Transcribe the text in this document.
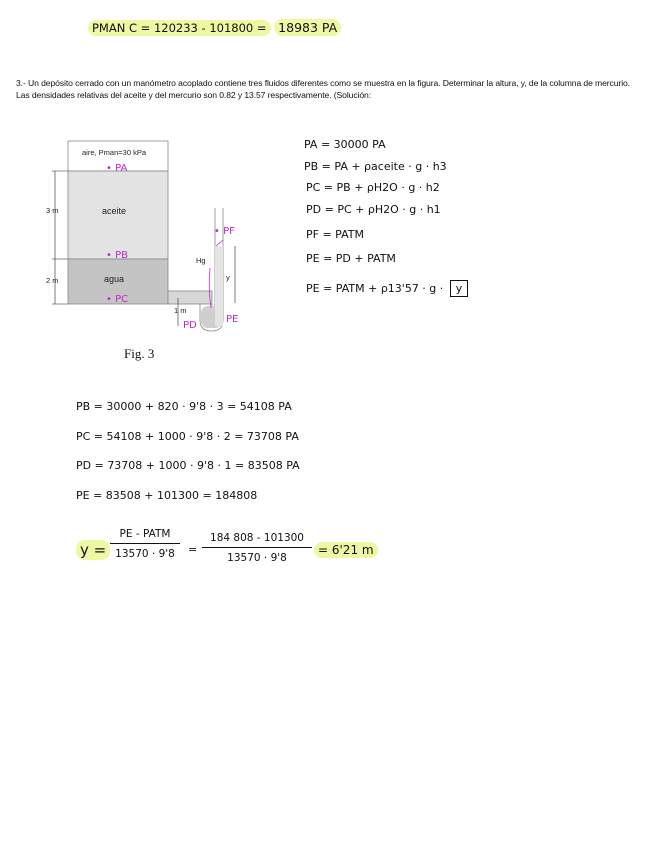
PMAN C = 120233 - 101800 = 18983 PA
3.- Un depósito cerrado con un manómetro acoplado contiene tres fluidos diferentes como se muestra en la figura. Determinar la altura, y, de la columna de mercurio. Las densidades relativas del aceite y del mercurio son 0.82 y 13.57 respectivamente. (Solución:
aire, Pman=30 kPa
aceite
agua
Hg
3 m
2 m
1 m
y
• PA
• PB
• PC
PD
PE
• PF
Fig. 3
PA = 30000 PA
PB = PA + ρaceite · g · h3
PC = PB + ρH2O · g · h2
PD = PC + ρH2O · g · h1
PF = PATM
PE = PD + PATM
PE = PATM + ρ13'57 · g · y
PB = 30000 + 820 · 9'8 · 3 = 54108 PA
PC = 54108 + 1000 · 9'8 · 2 = 73708 PA
PD = 73708 + 1000 · 9'8 · 1 = 83508 PA
PE = 83508 + 101300 = 184808
y =
PE - PATM
13570 · 9'8	= $\frac{184 808 - 101300}{13570 \cdot 9'8} = 6'21$ m
